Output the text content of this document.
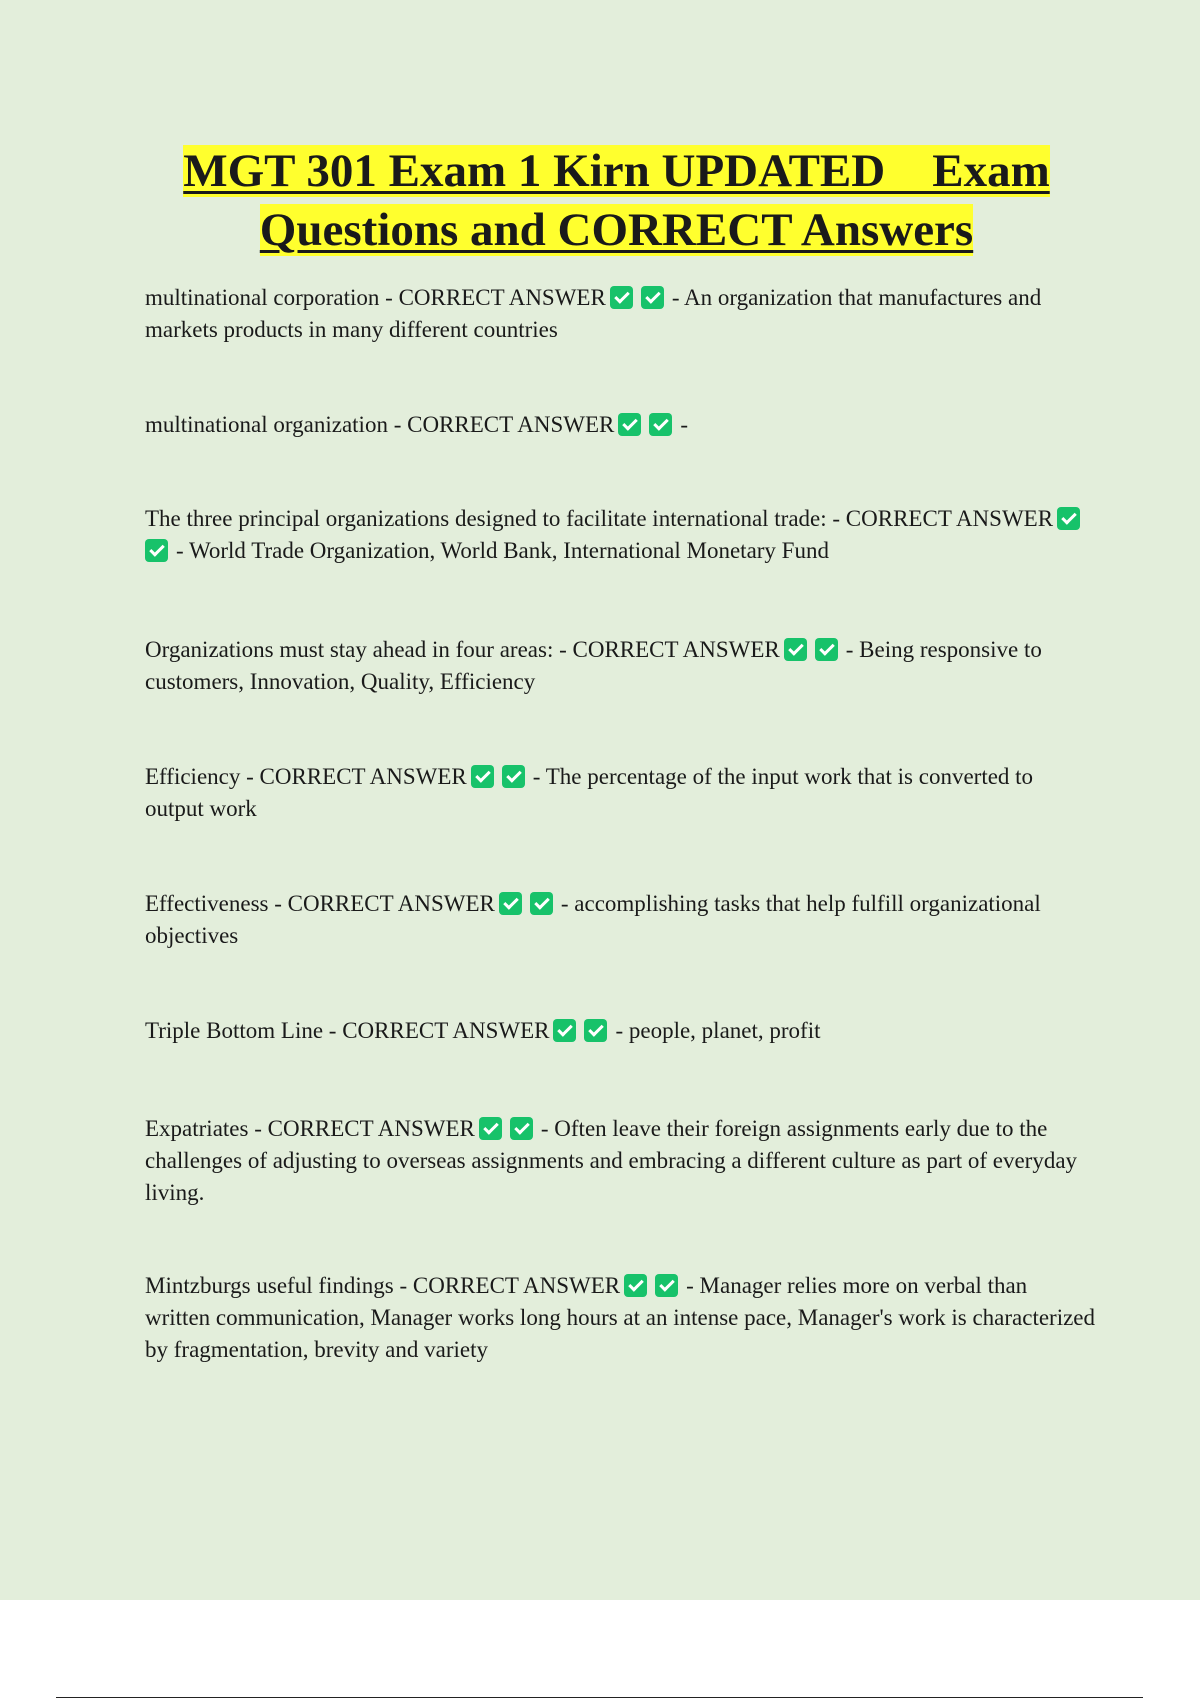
MGT 301 Exam 1 Kirn UPDATED    Exam
Questions and CORRECT Answers

multinational corporation - CORRECT ANSWER	- An organization that manufactures and markets products in many different countries

multinational organization - CORRECT ANSWER	-

The three principal organizations designed to facilitate international trade: - CORRECT ANSWER- World Trade Organization, World Bank, International Monetary Fund

Organizations must stay ahead in four areas: - CORRECT ANSWER	- Being responsive to customers, Innovation, Quality, Efficiency

Efficiency - CORRECT ANSWER	- The percentage of the input work that is converted to output work

Effectiveness - CORRECT ANSWER	- accomplishing tasks that help fulfill organizational objectives

Triple Bottom Line - CORRECT ANSWER	- people, planet, profit

Expatriates - CORRECT ANSWER	- Often leave their foreign assignments early due to the challenges of adjusting to overseas assignments and embracing a different culture as part of everyday living.

Mintzburgs useful findings - CORRECT ANSWER	- Manager relies more on verbal than written communication, Manager works long hours at an intense pace, Manager's work is characterized by fragmentation, brevity and variety
